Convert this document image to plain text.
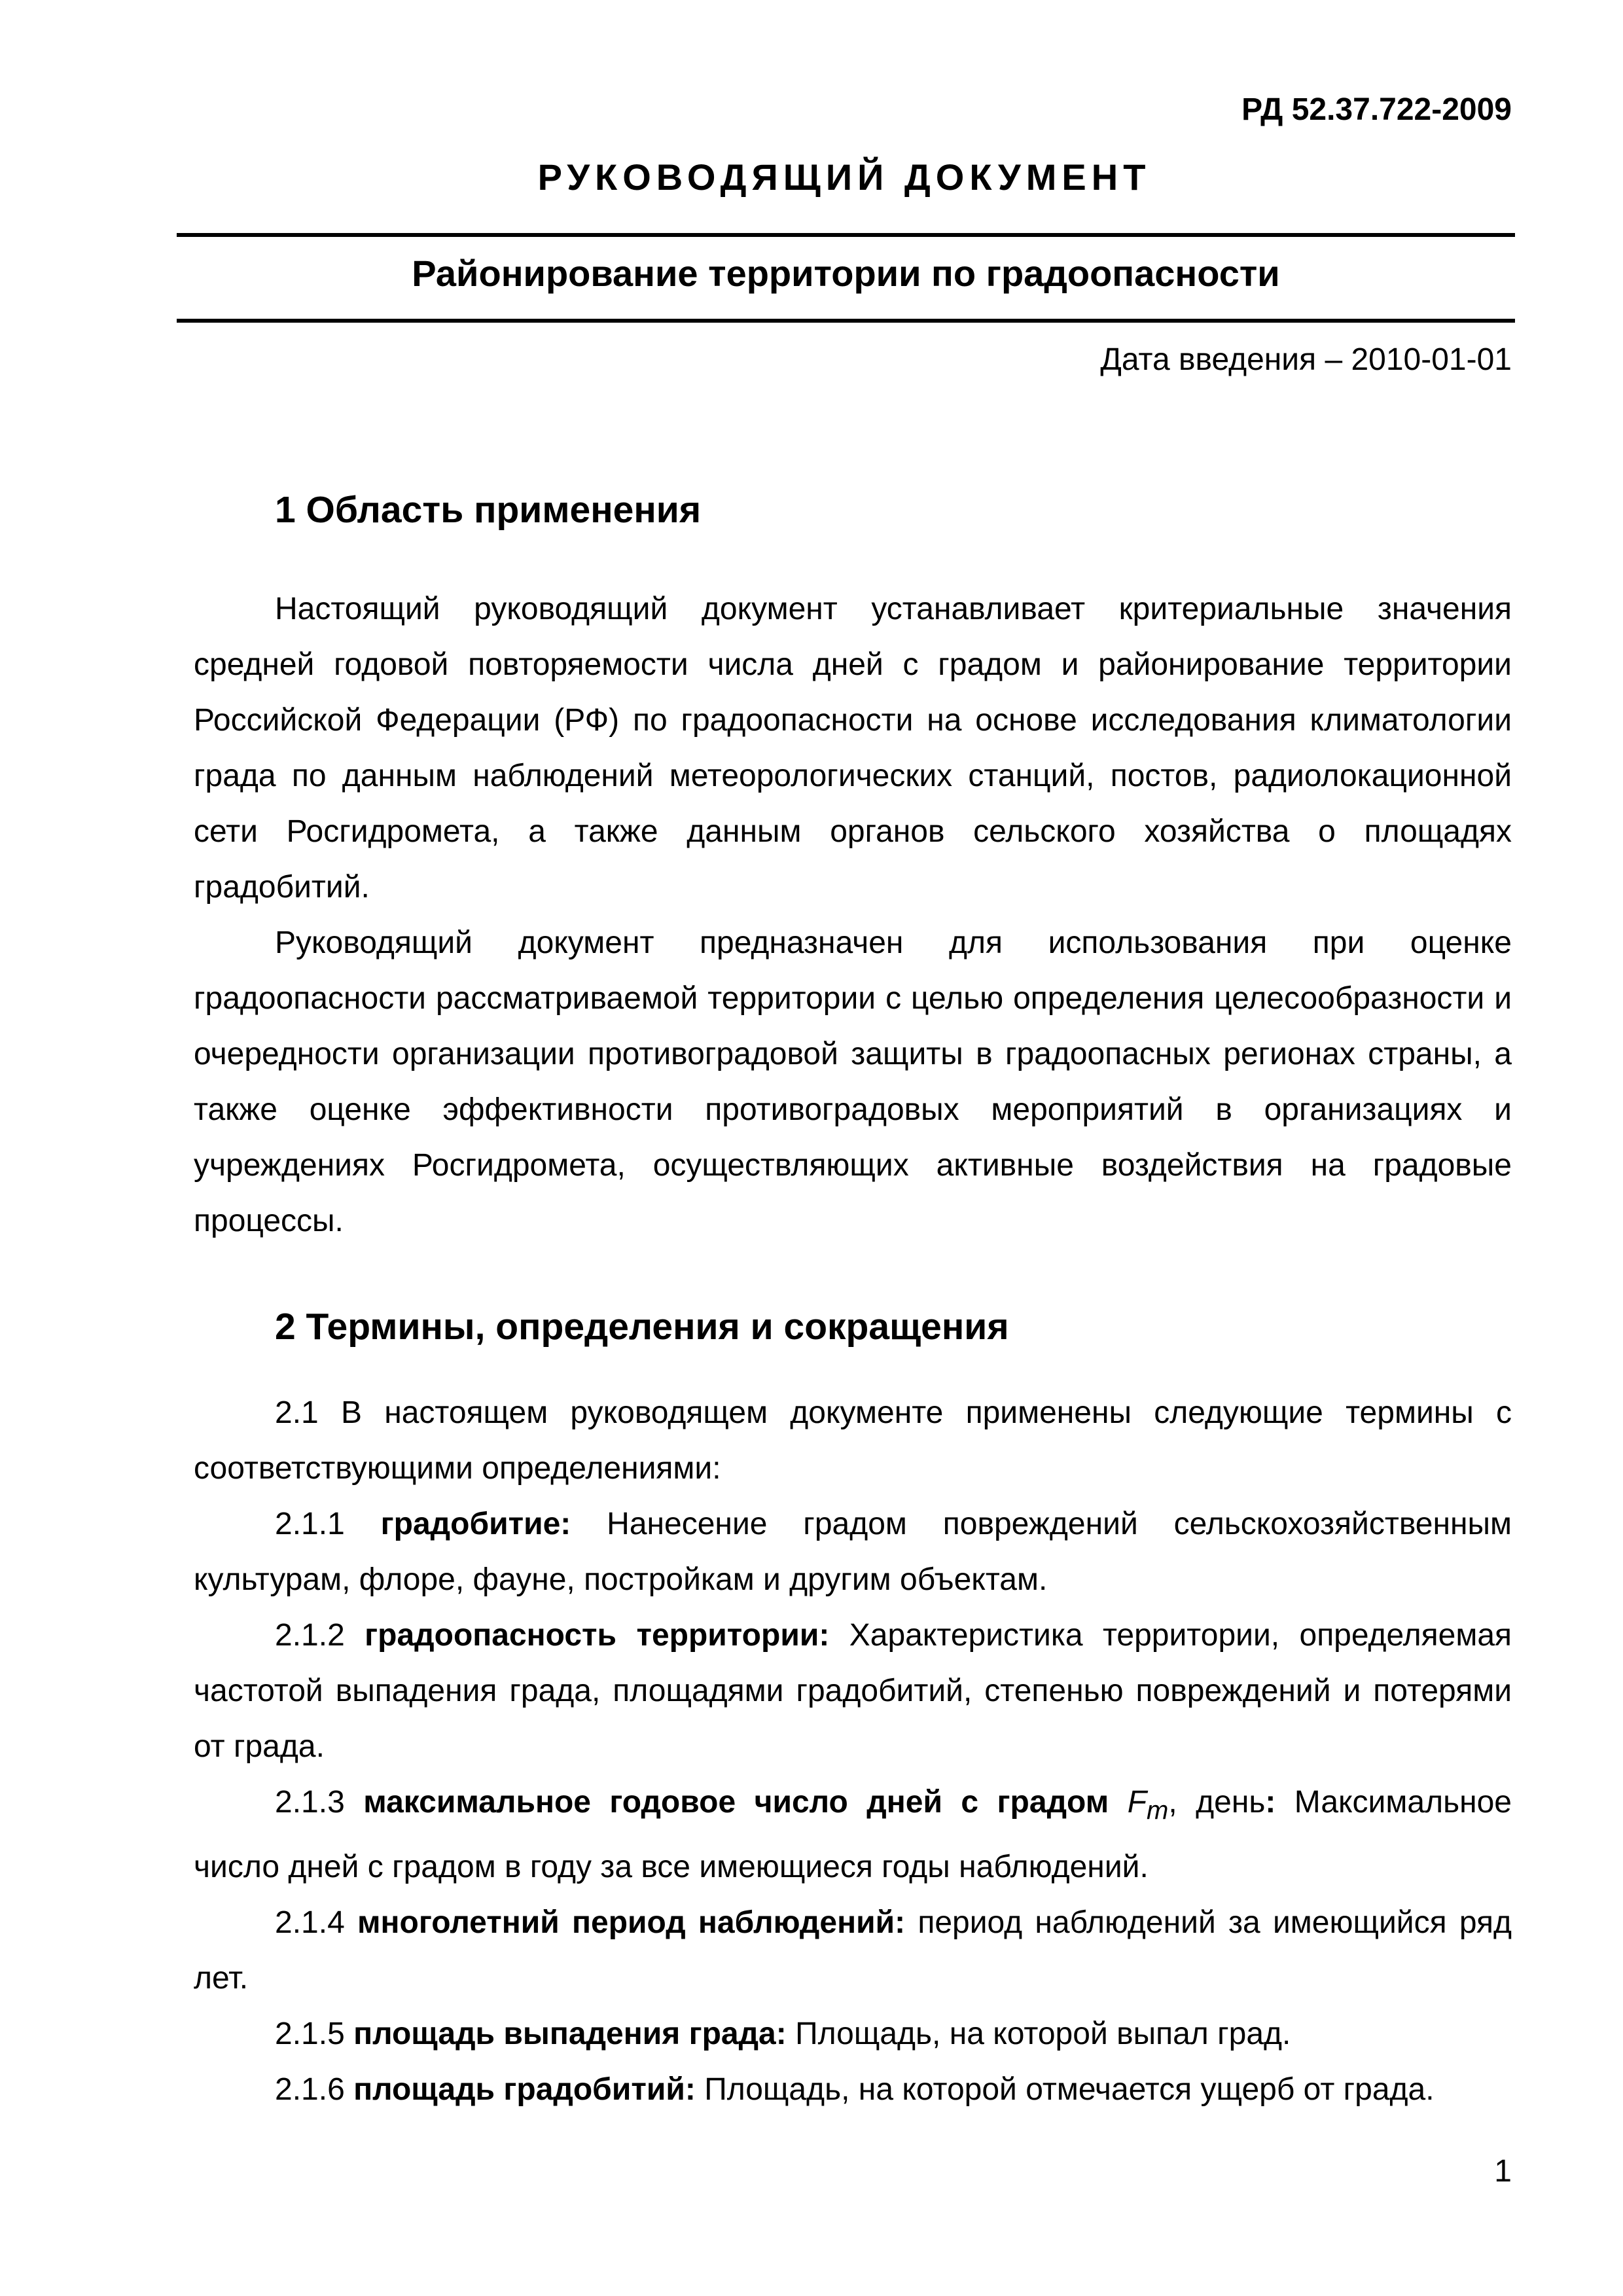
РД 52.37.722-2009
РУКОВОДЯЩИЙ ДОКУМЕНТ
Районирование территории по градоопасности
Дата введения – 2010-01-01
1 Область применения

Настоящий руководящий документ устанавливает критериальные значения средней годовой повторяемости числа дней с градом и районирование территории Российской Федерации (РФ) по градоопасности на основе исследования климатологии града по данным наблюдений метеорологических станций, постов, радиолокационной сети Росгидромета, а также данным органов сельского хозяйства о площадях градобитий.

Руководящий документ предназначен для использования при оценке градоопасности рассматриваемой территории с целью определения целесообразности и очередности организации противоградовой защиты в градоопасных регионах страны, а также оценке эффективности противоградовых мероприятий в организациях и учреждениях Росгидромета, осуществляющих активные воздействия на градовые процессы.

2 Термины, определения и сокращения

2.1 В настоящем руководящем документе применены следующие термины с соответствующими определениями:

2.1.1 градобитие: Нанесение градом повреждений сельскохозяйственным культурам, флоре, фауне, постройкам и другим объектам.

2.1.2 градоопасность территории: Характеристика территории, определяемая частотой выпадения града, площадями градобитий, степенью повреждений и потерями от града.

2.1.3 максимальное годовое число дней с градом $F_m$, день: Максимальное число дней с градом в году за все имеющиеся годы наблюдений.

2.1.4 многолетний период наблюдений: период наблюдений за имеющийся ряд лет.

2.1.5 площадь выпадения града: Площадь, на которой выпал град.

2.1.6 площадь градобитий: Площадь, на которой отмечается ущерб от града.

1
